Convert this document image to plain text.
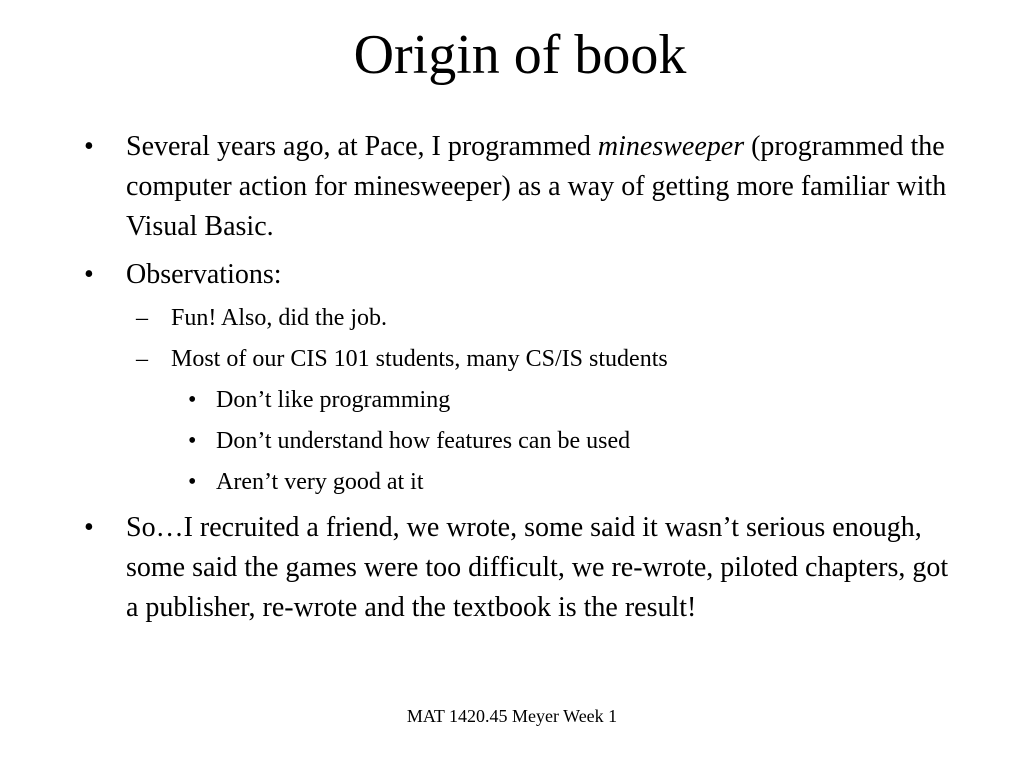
Origin of book
•	Several years ago, at Pace, I programmed minesweeper (programmed the computer action for minesweeper) as a way of getting more familiar with Visual Basic.
•	Observations:
– Fun! Also, did the job.
– Most of our CIS 101 students, many CS/IS students
• Don’t like programming
• Don’t understand how features can be used
• Aren’t very good at it
•	So…I recruited a friend, we wrote, some said it wasn’t serious enough, some said the games were too difficult, we re-wrote, piloted chapters, got a publisher, re-wrote and the textbook is the result!
MAT 1420.45 Meyer Week 1
